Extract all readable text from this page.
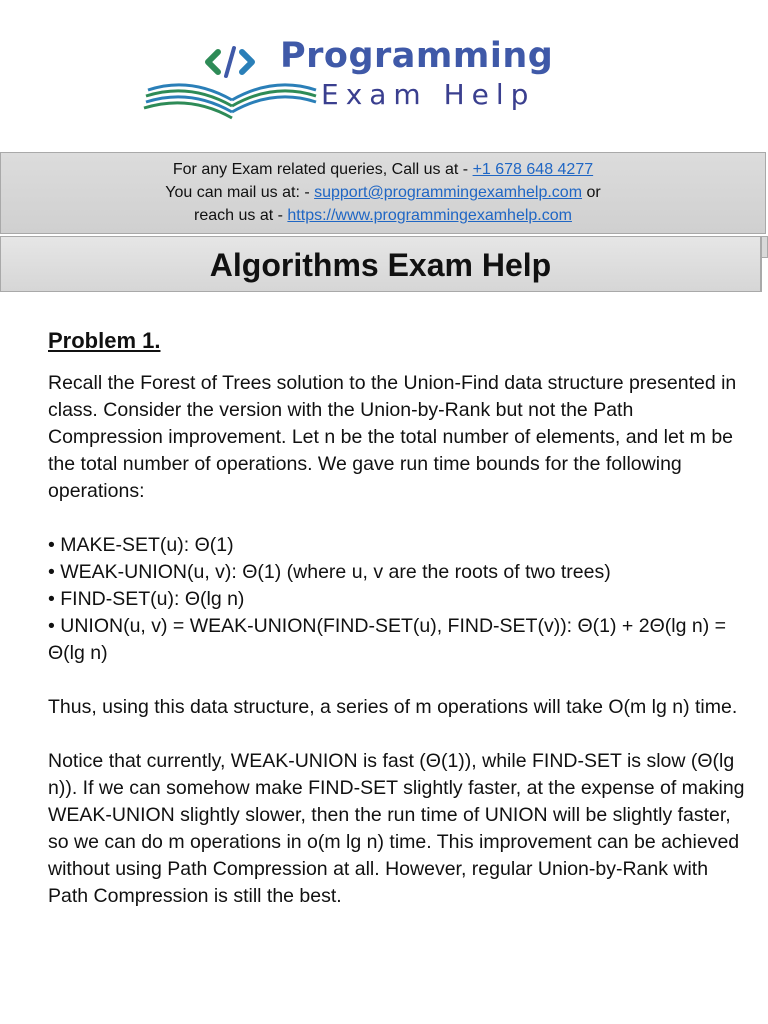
Programming
Exam Help
For any Exam related queries, Call us at - +1 678 648 4277
You can mail us at: - support@programmingexamhelp.com or
reach us at - https://www.programmingexamhelp.com
Algorithms Exam Help
Problem 1.

Recall the Forest of Trees solution to the Union-Find data structure presented in class. Consider the version with the Union-by-Rank but not the Path Compression improvement. Let n be the total number of elements, and let m be the total number of operations. We gave run time bounds for the following operations:

• MAKE-SET(u): Θ(1)
• WEAK-UNION(u, v): Θ(1) (where u, v are the roots of two trees)
• FIND-SET(u): Θ(lg n)
• UNION(u, v) = WEAK-UNION(FIND-SET(u), FIND-SET(v)): Θ(1) + 2Θ(lg n) = Θ(lg n)

Thus, using this data structure, a series of m operations will take O(m lg n) time.

Notice that currently, WEAK-UNION is fast (Θ(1)), while FIND-SET is slow (Θ(lg n)). If we can somehow make FIND-SET slightly faster, at the expense of making WEAK-UNION slightly slower, then the run time of UNION will be slightly faster, so we can do m operations in o(m lg n) time. This improvement can be achieved without using Path Compression at all. However, regular Union-by-Rank with Path Compression is still the best.
